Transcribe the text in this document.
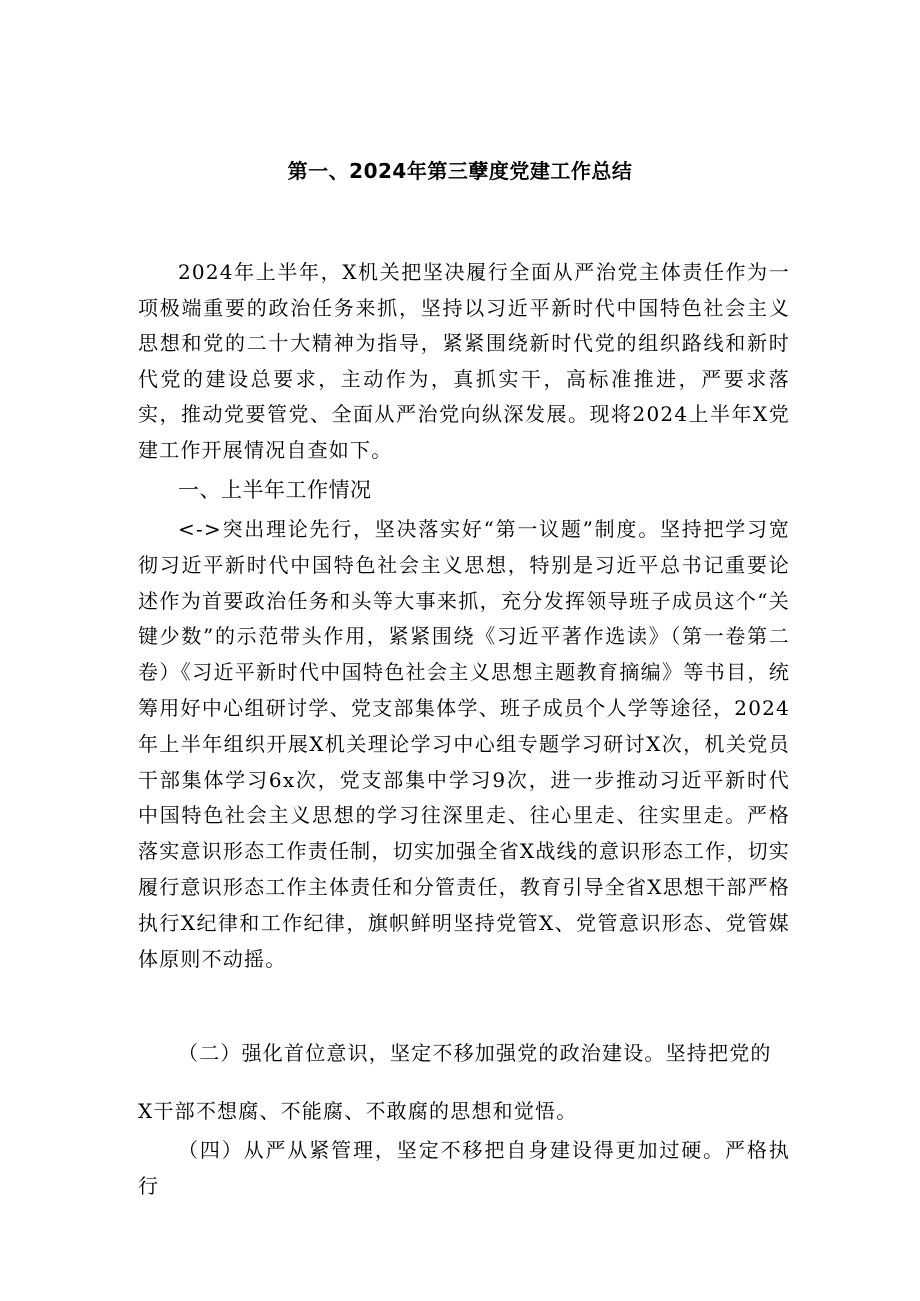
第一、2024年第三孽度党建工作总结
2024年上半年，X机关把坚决履行全面从严治党主体责任作为一项极端重要的政治任务来抓，坚持以习近平新时代中国特色社会主义思想和党的二十大精神为指导，紧紧围绕新时代党的组织路线和新时代党的建设总要求，主动作为，真抓实干，高标准推进，严要求落实，推动党要管党、全面从严治党向纵深发展。现将2024上半年X党建工作开展情况自查如下。
一、上半年工作情况
<->突出理论先行，坚决落实好“第一议题”制度。坚持把学习宽彻习近平新时代中国特色社会主义思想，特别是习近平总书记重要论述作为首要政治任务和头等大事来抓，充分发挥领导班子成员这个“关键少数”的示范带头作用，紧紧围绕《习近平著作选读》（第一卷第二卷）《习近平新时代中国特色社会主义思想主题教育摘编》等书目，统筹用好中心组研讨学、党支部集体学、班子成员个人学等途径，2024年上半年组织开展X机关理论学习中心组专题学习研讨X次，机关党员干部集体学习6x次，党支部集中学习9次，进一步推动习近平新时代中国特色社会主义思想的学习往深里走、往心里走、往实里走。严格落实意识形态工作责任制，切实加强全省X战线的意识形态工作，切实履行意识形态工作主体责任和分管责任，教育引导全省X思想干部严格执行X纪律和工作纪律，旗帜鲜明坚持党管X、党管意识形态、党管媒体原则不动摇。
（二）强化首位意识，坚定不移加强党的政治建设。坚持把党的
X干部不想腐、不能腐、不敢腐的思想和觉悟。
（四）从严从紧管理，坚定不移把自身建设得更加过硬。严格执行
